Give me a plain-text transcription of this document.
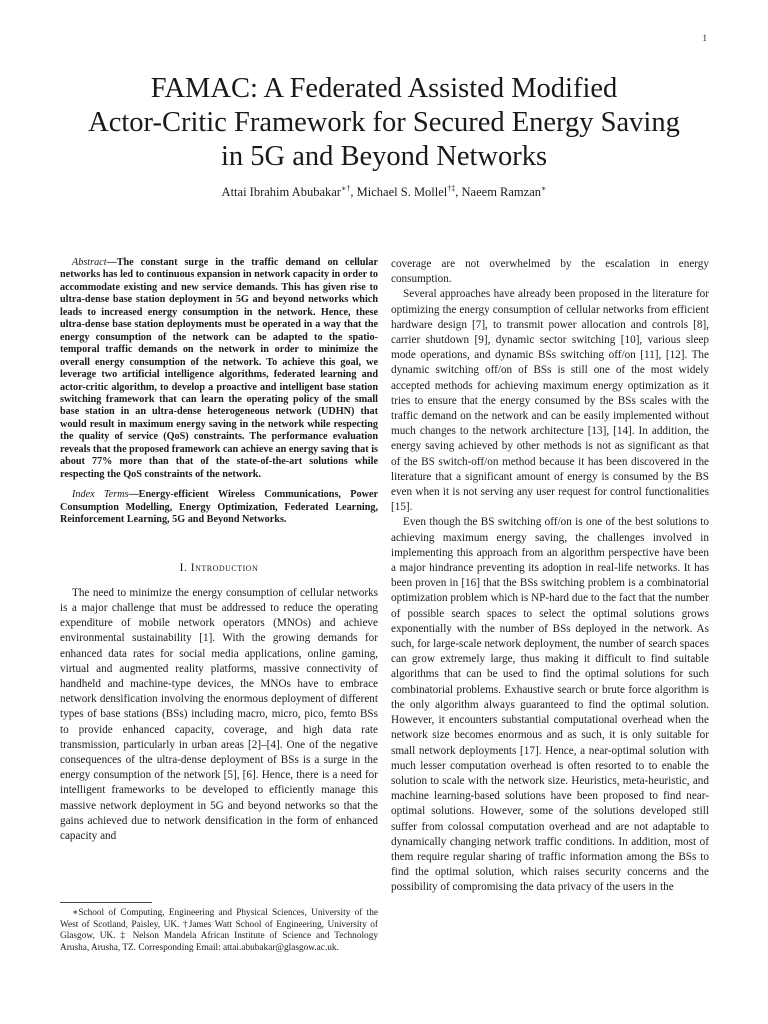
1
FAMAC: A Federated Assisted Modified
Actor-Critic Framework for Secured Energy Saving
in 5G and Beyond Networks
Attai Ibrahim Abubakar∗†, Michael S. Mollel†‡, Naeem Ramzan∗

Abstract—The constant surge in the traffic demand on cellular networks has led to continuous expansion in network capacity in order to accommodate existing and new service demands. This has given rise to ultra-dense base station deployment in 5G and beyond networks which leads to increased energy consumption in the network. Hence, these ultra-dense base station deployments must be operated in a way that the energy consumption of the network can be adapted to the spatio-temporal traffic demands on the network in order to minimize the overall energy consumption of the network. To achieve this goal, we leverage two artificial intelligence algorithms, federated learning and actor-critic algorithm, to develop a proactive and intelligent base station switching framework that can learn the operating policy of the small base station in an ultra-dense heterogeneous network (UDHN) that would result in maximum energy saving in the network while respecting the quality of service (QoS) constraints. The performance evaluation reveals that the proposed framework can achieve an energy saving that is about 77% more than that of the state-of-the-art solutions while respecting the QoS constraints of the network.

Index Terms—Energy-efficient Wireless Communications, Power Consumption Modelling, Energy Optimization, Federated Learning, Reinforcement Learning, 5G and Beyond Networks.

I. Introduction

The need to minimize the energy consumption of cellular networks is a major challenge that must be addressed to reduce the operating expenditure of mobile network operators (MNOs) and achieve environmental sustainability [1]. With the growing demands for enhanced data rates for social media applications, online gaming, virtual and augmented reality platforms, massive connectivity of handheld and machine-type devices, the MNOs have to embrace network densification involving the enormous deployment of different types of base stations (BSs) including macro, micro, pico, femto BSs to provide enhanced capacity, coverage, and high data rate transmission, particularly in urban areas [2]–[4]. One of the negative consequences of the ultra-dense deployment of BSs is a surge in the energy consumption of the network [5], [6]. Hence, there is a need for intelligent frameworks to be developed to efficiently manage this massive network deployment in 5G and beyond networks so that the gains achieved due to network densification in the form of enhanced capacity and

∗School of Computing, Engineering and Physical Sciences, University of the West of Scotland, Paisley, UK. †James Watt School of Engineering, University of Glasgow, UK. ‡ Nelson Mandela African Institute of Science and Technology Arusha, Arusha, TZ. Corresponding Email: attai.abubakar@glasgow.ac.uk.

coverage are not overwhelmed by the escalation in energy consumption.

Several approaches have already been proposed in the literature for optimizing the energy consumption of cellular networks from efficient hardware design [7], to transmit power allocation and controls [8], carrier shutdown [9], dynamic sector switching [10], various sleep mode operations, and dynamic BSs switching off/on [11], [12]. The dynamic switching off/on of BSs is still one of the most widely accepted methods for achieving maximum energy optimization as it tries to ensure that the energy consumed by the BSs scales with the traffic demand on the network and can be easily implemented without much changes to the network architecture [13], [14]. In addition, the energy saving achieved by other methods is not as significant as that of the BS switch-off/on method because it has been discovered in the literature that a significant amount of energy is consumed by the BS even when it is not serving any user request for control functionalities [15].

Even though the BS switching off/on is one of the best solutions to achieving maximum energy saving, the challenges involved in implementing this approach from an algorithm perspective have been a major hindrance preventing its adoption in real-life networks. It has been proven in [16] that the BSs switching problem is a combinatorial optimization problem which is NP-hard due to the fact that the number of possible search spaces to select the optimal solutions grows exponentially with the number of BSs deployed in the network. As such, for large-scale network deployment, the number of search spaces can grow extremely large, thus making it difficult to find suitable algorithms that can be used to find the optimal solutions for such combinatorial problems. Exhaustive search or brute force algorithm is the only algorithm always guaranteed to find the optimal solution. However, it encounters substantial computational overhead when the network size becomes enormous and as such, it is only suitable for small network deployments [17]. Hence, a near-optimal solution with much lesser computation overhead is often resorted to to enable the solution to scale with the network size. Heuristics, meta-heuristic, and machine learning-based solutions have been proposed to find near-optimal solutions. However, some of the solutions developed still suffer from colossal computation overhead and are not adaptable to dynamically changing network traffic conditions. In addition, most of them require regular sharing of traffic information among the BSs to find the optimal solution, which raises security concerns and the possibility of compromising the data privacy of the users in the
